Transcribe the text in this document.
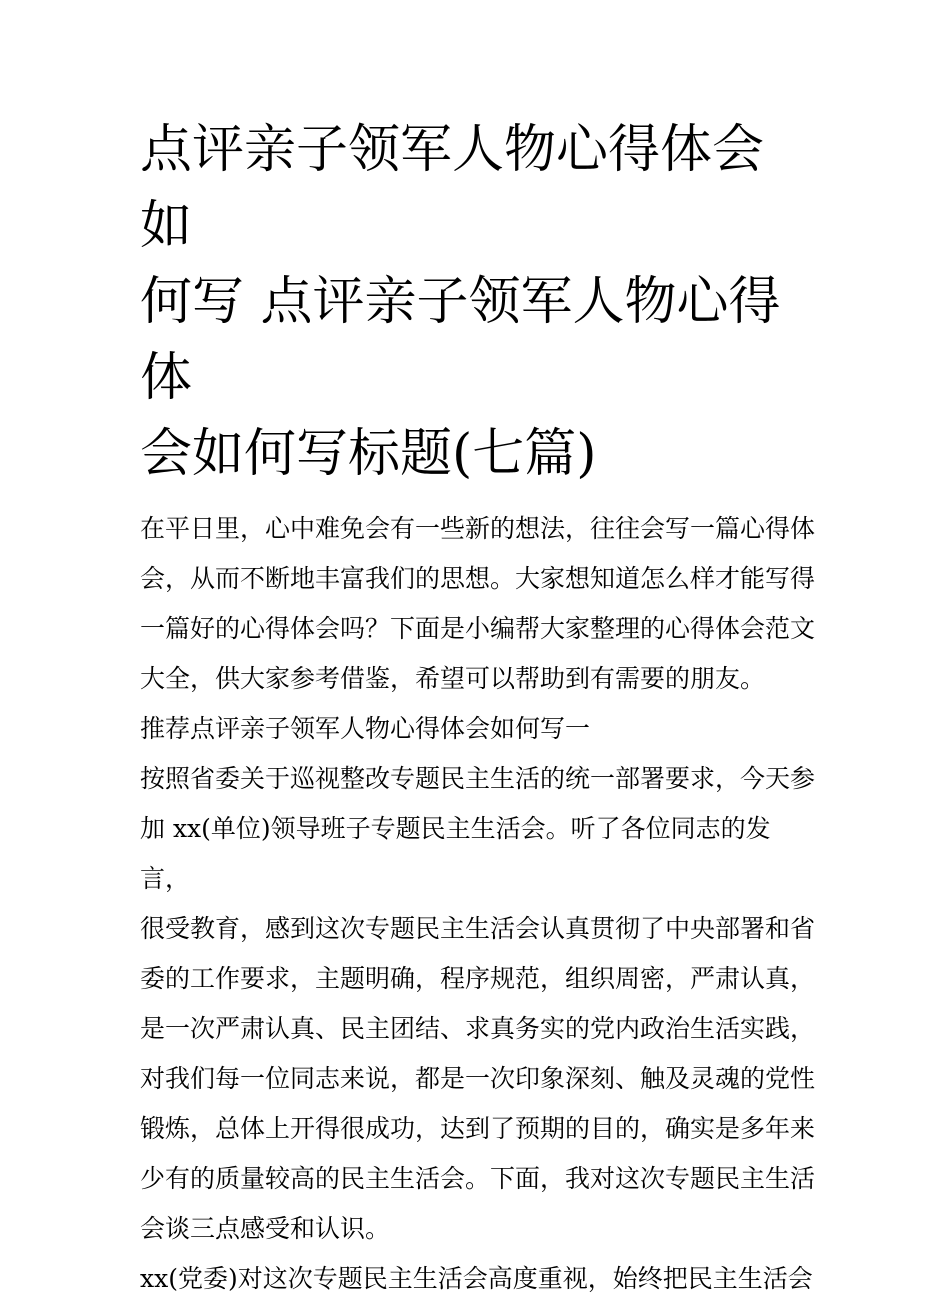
点评亲子领军人物心得体会如
何写 点评亲子领军人物心得体
会如何写标题(七篇)
在平日里，心中难免会有一些新的想法，往往会写一篇心得体
会，从而不断地丰富我们的思想。大家想知道怎么样才能写得
一篇好的心得体会吗？下面是小编帮大家整理的心得体会范文
大全，供大家参考借鉴，希望可以帮助到有需要的朋友。
推荐点评亲子领军人物心得体会如何写一
按照省委关于巡视整改专题民主生活的统一部署要求，今天参
加 xx(单位)领导班子专题民主生活会。听了各位同志的发言，
很受教育，感到这次专题民主生活会认真贯彻了中央部署和省
委的工作要求，主题明确，程序规范，组织周密，严肃认真，
是一次严肃认真、民主团结、求真务实的党内政治生活实践，
对我们每一位同志来说，都是一次印象深刻、触及灵魂的党性
锻炼，总体上开得很成功，达到了预期的目的，确实是多年来
少有的质量较高的民主生活会。下面，我对这次专题民主生活
会谈三点感受和认识。
xx(党委)对这次专题民主生活会高度重视，始终把民主生活会
